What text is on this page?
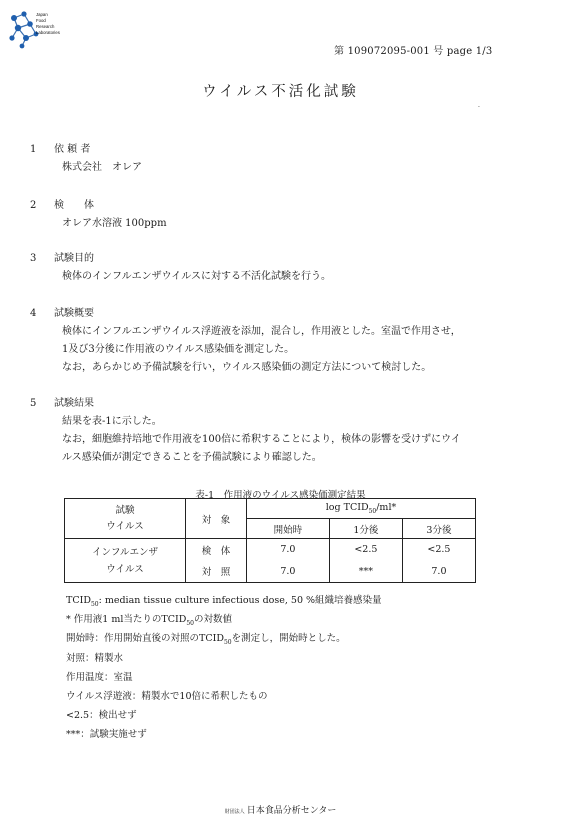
Japan
Food
Research
Laboratories
第 109072095-001 号 page 1/3
ウイルス不活化試験
.
1 依 頼 者
株式会社　オレア
2 検　　体
オレア水溶液 100ppm
3 試験目的
検体のインフルエンザウイルスに対する不活化試験を行う。
4 試験概要
検体にインフルエンザウイルス浮遊液を添加，混合し，作用液とした。室温で作用させ，
1及び3分後に作用液のウイルス感染価を測定した。
なお，あらかじめ予備試験を行い，ウイルス感染価の測定方法について検討した。
5 試験結果
結果を表-1に示した。
なお，細胞維持培地で作用液を100倍に希釈することにより，検体の影響を受けずにウイ
ルス感染価が測定できることを予備試験により確認した。
表-1　作用液のウイルス感染価測定結果
試験
ウイルス	対　象	$\log TCID_{50}/ml*$		
		開始時	1分後	3分後

インフルエンザ
ウイルス	検　体	7.0	<2.5	<2.5
	対　照	7.0	***	7.0
$TCID_{50}$: median tissue culture infectious dose, 50 %組織培養感染量
* 作用液1 ml当たりの$TCID_{50}$の対数値
開始時：作用開始直後の対照の$TCID_{50}$を測定し，開始時とした。
対照：精製水
作用温度：室温
ウイルス浮遊液：精製水で10倍に希釈したもの
<2.5：検出せず
***：試験実施せず
財団法人 日本食品分析センター
